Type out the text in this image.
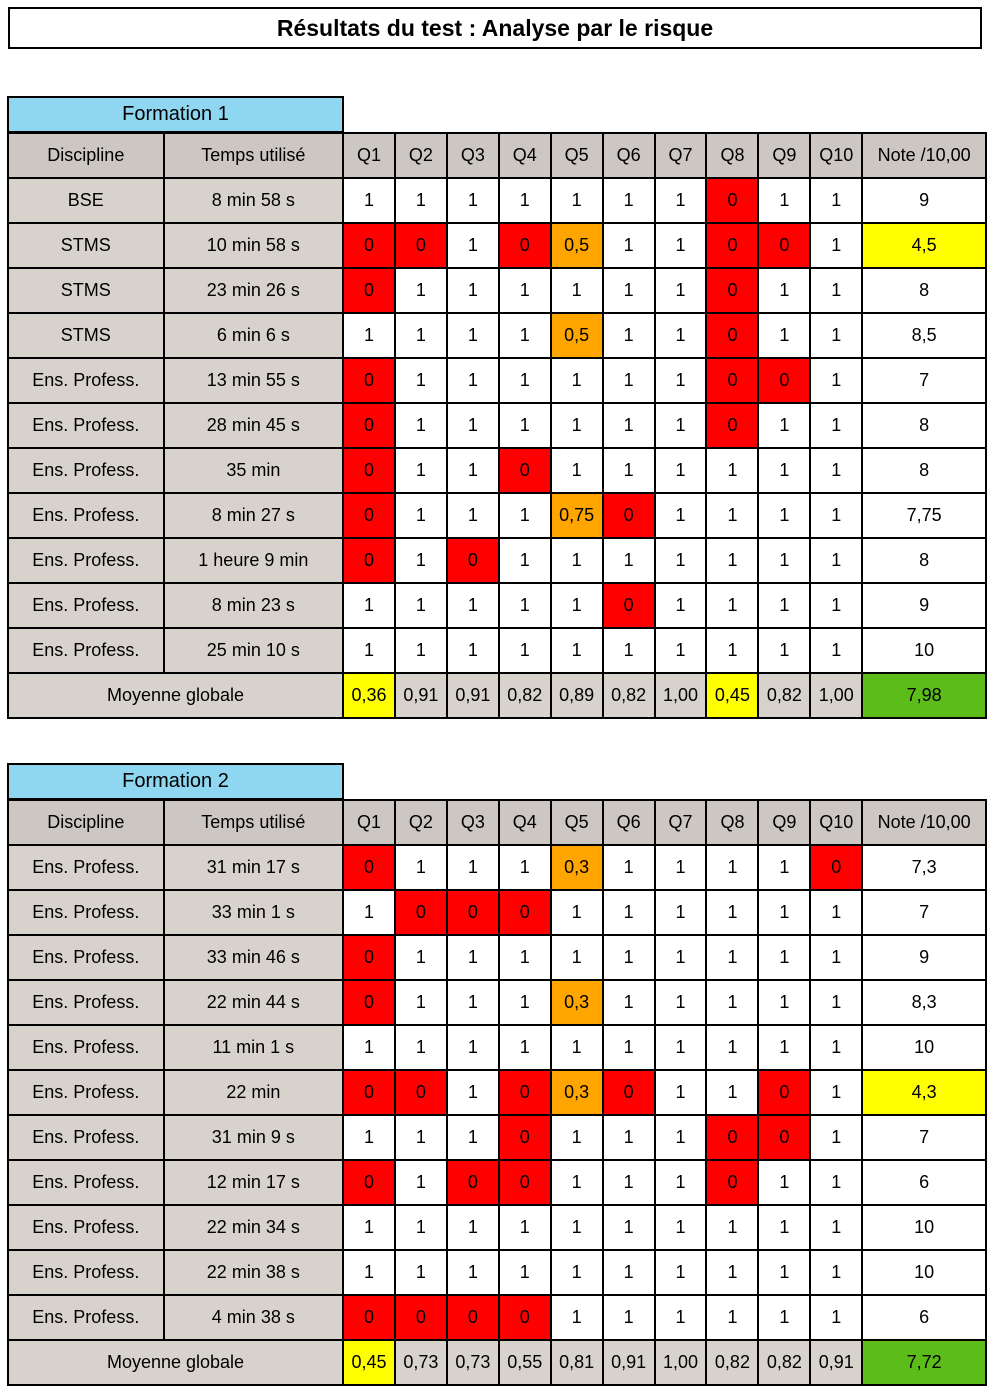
Résultats du test : Analyse par le risque
Formation 1
Discipline	Temps utilisé	Q1	Q2	Q3	Q4	Q5	Q6	Q7	Q8	Q9	Q10	Note /10,00
BSE	8 min 58 s	1	1	1	1	1	1	1	0	1	1	9
STMS	10 min 58 s	0	0	1	0	0,5	1	1	0	0	1	4,5
STMS	23 min 26 s	0	1	1	1	1	1	1	0	1	1	8
STMS	6 min 6 s	1	1	1	1	0,5	1	1	0	1	1	8,5
Ens. Profess.	13 min 55 s	0	1	1	1	1	1	1	0	0	1	7
Ens. Profess.	28 min 45 s	0	1	1	1	1	1	1	0	1	1	8
Ens. Profess.	35 min	0	1	1	0	1	1	1	1	1	1	8
Ens. Profess.	8 min 27 s	0	1	1	1	0,75	0	1	1	1	1	7,75
Ens. Profess.	1 heure 9 min	0	1	0	1	1	1	1	1	1	1	8
Ens. Profess.	8 min 23 s	1	1	1	1	1	0	1	1	1	1	9
Ens. Profess.	25 min 10 s	1	1	1	1	1	1	1	1	1	1	10
Moyenne globale		0,36	0,91	0,91	0,82	0,89	0,82	1,00	0,45	0,82	1,00	7,98
Formation 2
Discipline	Temps utilisé	Q1	Q2	Q3	Q4	Q5	Q6	Q7	Q8	Q9	Q10	Note /10,00
Ens. Profess.	31 min 17 s	0	1	1	1	0,3	1	1	1	1	0	7,3
Ens. Profess.	33 min 1 s	1	0	0	0	1	1	1	1	1	1	7
Ens. Profess.	33 min 46 s	0	1	1	1	1	1	1	1	1	1	9
Ens. Profess.	22 min 44 s	0	1	1	1	0,3	1	1	1	1	1	8,3
Ens. Profess.	11 min 1 s	1	1	1	1	1	1	1	1	1	1	10
Ens. Profess.	22 min	0	0	1	0	0,3	0	1	1	0	1	4,3
Ens. Profess.	31 min 9 s	1	1	1	0	1	1	1	0	0	1	7
Ens. Profess.	12 min 17 s	0	1	0	0	1	1	1	0	1	1	6
Ens. Profess.	22 min 34 s	1	1	1	1	1	1	1	1	1	1	10
Ens. Profess.	22 min 38 s	1	1	1	1	1	1	1	1	1	1	10
Ens. Profess.	4 min 38 s	0	0	0	0	1	1	1	1	1	1	6
Moyenne globale		0,45	0,73	0,73	0,55	0,81	0,91	1,00	0,82	0,82	0,91	7,72
